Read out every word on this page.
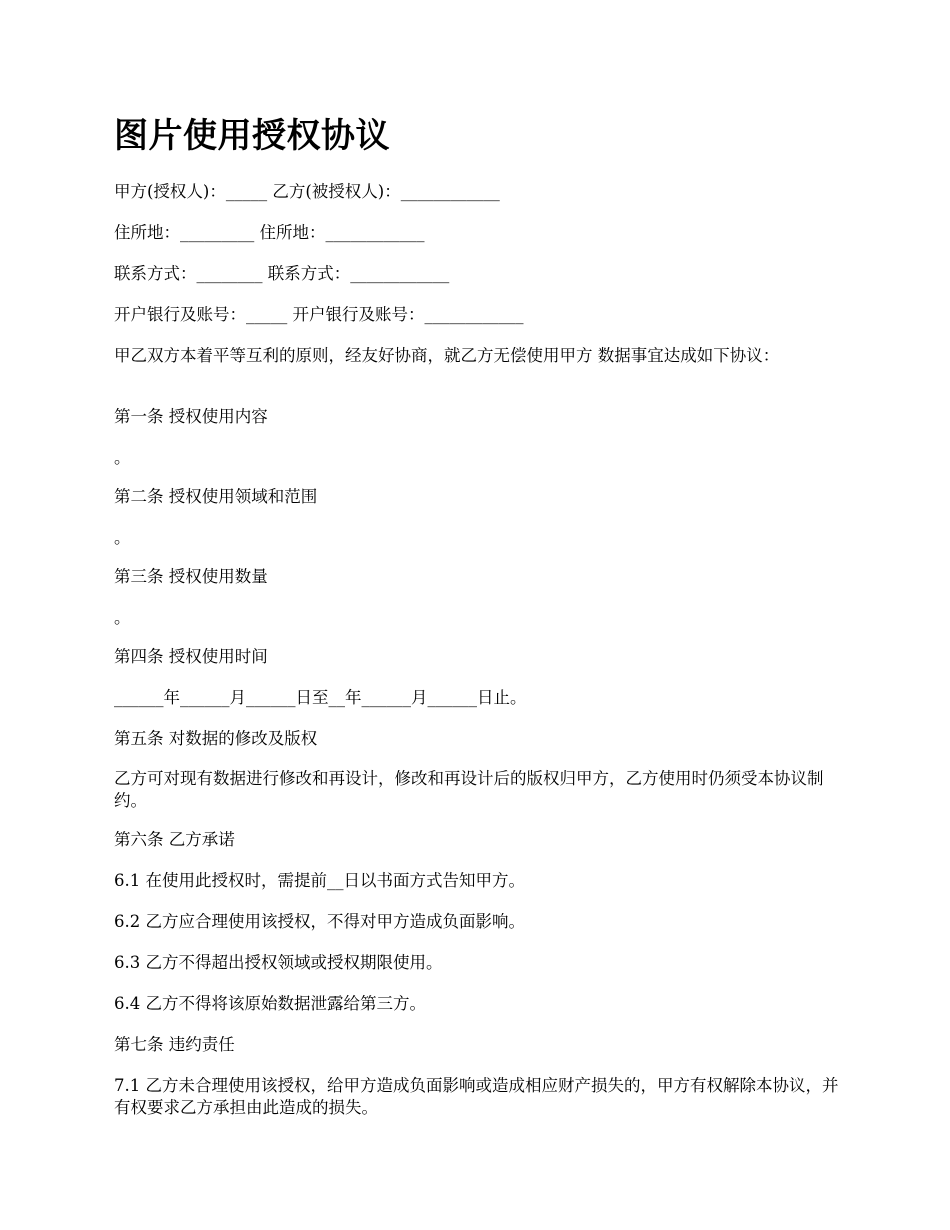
图片使用授权协议

甲方(授权人)：_____ 乙方(被授权人)：____________

住所地：_________ 住所地：____________

联系方式：________ 联系方式：____________

开户银行及账号：_____ 开户银行及账号：____________

甲乙双方本着平等互利的原则，经友好协商，就乙方无偿使用甲方 数据事宜达成如下协议：

第一条 授权使用内容

。

第二条 授权使用领域和范围

。

第三条 授权使用数量

。

第四条 授权使用时间

______年______月______日至__年______月______日止。

第五条 对数据的修改及版权

乙方可对现有数据进行修改和再设计，修改和再设计后的版权归甲方，乙方使用时仍须受本协议制约。

第六条 乙方承诺

6.1 在使用此授权时，需提前__日以书面方式告知甲方。

6.2 乙方应合理使用该授权，不得对甲方造成负面影响。

6.3 乙方不得超出授权领域或授权期限使用。

6.4 乙方不得将该原始数据泄露给第三方。

第七条 违约责任

7.1 乙方未合理使用该授权，给甲方造成负面影响或造成相应财产损失的，甲方有权解除本协议，并有权要求乙方承担由此造成的损失。
